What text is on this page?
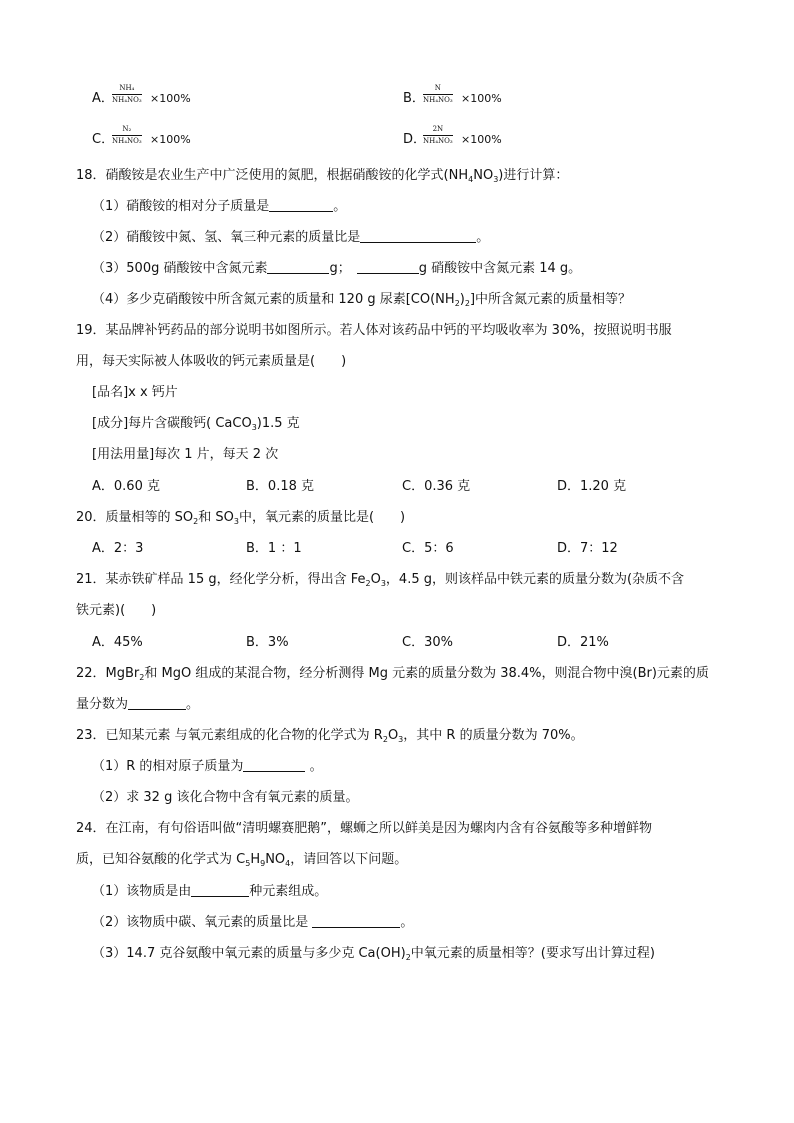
A．
NH₄
NH₄NO₃ ×100%	B．
N
NH₄NO₃ ×100%
C．
N₂
NH₄NO₃ ×100%	D．
2N
NH₄NO₃ ×100%
18．硝酸铵是农业生产中广泛使用的氮肥，根据硝酸铵的化学式$(NH_4NO_3)$进行计算：
（1）硝酸铵的相对分子质量是	。
（2）硝酸铵中氮、氢、氧三种元素的质量比是	。
（3）500g 硝酸铵中含氮元素	g；	g 硝酸铵中含氮元素 14 g。
（4）多少克硝酸铵中所含氮元素的质量和 120 g 尿素$[CO(NH_2)_2]$中所含氮元素的质量相等？
19．某品牌补钙药品的部分说明书如图所示。若人体对该药品中钙的平均吸收率为 30%，按照说明书服
用，每天实际被人体吸收的钙元素质量是(　　)
[品名]x x 钙片
[成分]每片含碳酸钙( CaCO$_3$)1.5 克
[用法用量]每次 1 片，每天 2 次
A．0.60 克	B．0.18 克	C．0.36 克	D．1.20 克
20．质量相等的 $SO_2$和 $SO_3$中，氧元素的质量比是(　　)
A．2：3	B．1 ：1	C．5：6	D．7：12
21．某赤铁矿样品 15 g，经化学分析，得出含 $Fe_2O_3$，4.5 g，则该样品中铁元素的质量分数为(杂质不含
铁元素)(　　)
A．45%	B．3%	C．30%	D．21%
22．MgBr$_2$和 MgO 组成的某混合物，经分析测得 Mg 元素的质量分数为 38.4%，则混合物中溴(Br)元素的质
量分数为	。
23．已知某元素 与氧元素组成的化合物的化学式为 $R_2O_3$，其中 R 的质量分数为 70%。
（1）R 的相对原子质量为	。
（2）求 32 g 该化合物中含有氧元素的质量。
24．在江南，有句俗语叫做“清明螺赛肥鹅”，螺蛳之所以鲜美是因为螺肉内含有谷氨酸等多种增鲜物
质，已知谷氨酸的化学式为 $C_5H_9NO_4$，请回答以下问题。
（1）该物质是由	种元素组成。
（2）该物质中碳、氧元素的质量比是	。
（3）14.7 克谷氨酸中氧元素的质量与多少克 $Ca(OH)_2$中氧元素的质量相等？(要求写出计算过程)
